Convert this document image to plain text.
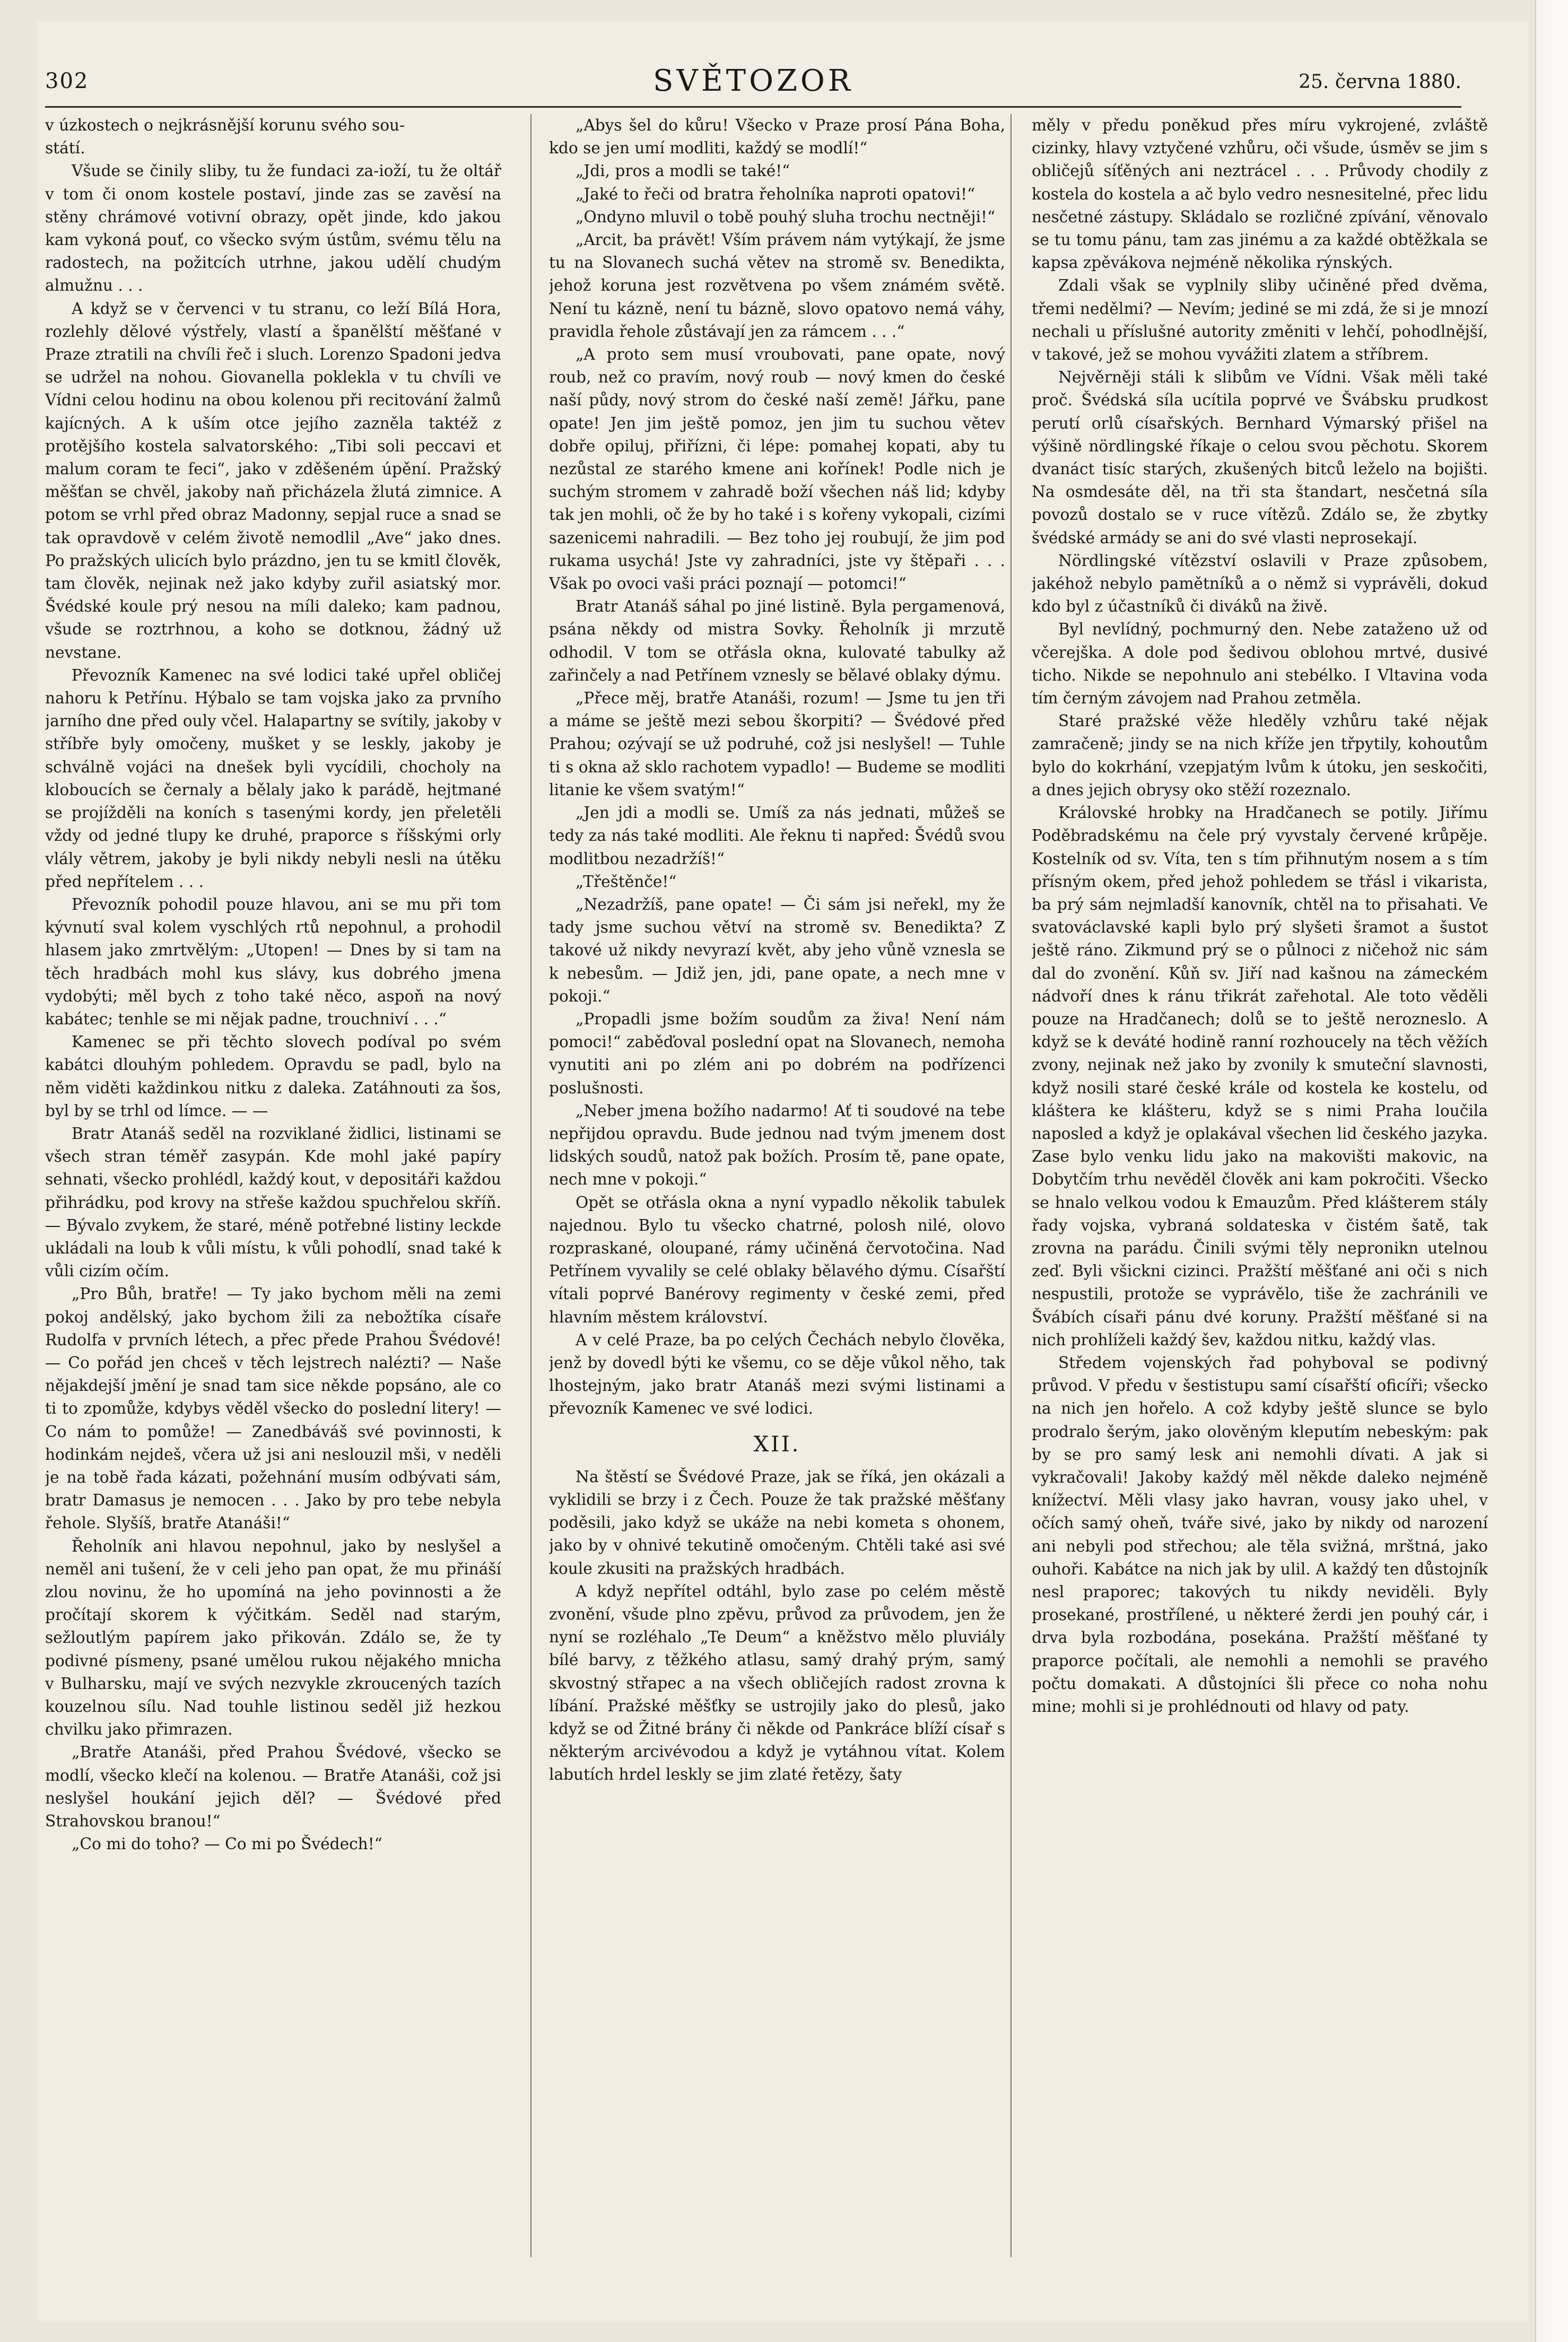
302	SVĚTOZOR	25. června 1880.

v úzkostech o nejkrásnější korunu svého sou-

státí.

Všude se činily sliby, tu že fundaci za-ioží, tu že oltář v tom či onom kostele postaví, jinde zas se zavěsí na stěny chrámové votivní obrazy, opět jinde, kdo jakou kam vykoná pouť, co všecko svým ústům, svému tělu na radostech, na požitcích utrhne, jakou udělí chudým almužnu . . .

A když se v červenci v tu stranu, co leží Bílá Hora, rozlehly dělové výstřely, vlastí a španělští měšťané v Praze ztratili na chvíli řeč i sluch. Lorenzo Spadoni jedva se udržel na nohou. Giovanella pokleklа v tu chvíli ve Vídni celou hodinu na obou kolenou při recitování žalmů kajícných. A k uším otce jejího zaznělа taktéž z protějšího kostela salvatorského: „Tibi soli peccavi et malum coram te feci“, jako v zděšeném úpění. Pražský měšťan se chvěl, jakoby naň přicházela žlutá zimnice. A potom se vrhl před obraz Madonny, sepjal ruce a snad se tak opravdově v celém životě nemodlil „Ave“ jako dnes. Po pražských ulicích bylo prázdno, jen tu se kmitl člověk, tam člověk, nejinak než jako kdyby zuřil asiatský mor. Švédské koule prý nesou na míli daleko; kam padnou, všude se roztrhnou, a koho se dotknou, žádný už nevstane.

Převozník Kamenec na své lodici také upřel obličej nahoru k Petřínu. Hýbalo se tam vojska jako za prvního jarního dne před ouly včel. Halapartny se svítily, jakoby v stříbře byly omočeny, mušket y se leskly, jakoby je schválně vojáci na dnešek byli vycídili, chocholy na kloboucích se černaly a bělaly jako k parádě, hejtmané se projížděli na koních s tasenými kordy, jen přeletěli vždy od jedné tlupy ke druhé, praporce s říšskými orly vlály větrem, jakoby je byli nikdy nebyli nesli na útěku před nepřítelem . . .

Převozník pohodil pouze hlavou, ani se mu při tom kývnutí sval kolem vyschlých rtů nepohnul, a prohodil hlasem jako zmrtvělým: „Utopen! — Dnes by si tam na těch hradbách mohl kus slávy, kus dobrého jmena vydobýti; měl bych z toho také něco, aspoň na nový kabátec; tenhle se mi nějak padne, trouchniví . . .“

Kamenec se při těchto slovech podíval po svém kabátci dlouhým pohledem. Opravdu se padl, bylo na něm viděti každinkou nitku z daleka. Zatáhnouti za šos, byl by se trhl od límce. — —

Bratr Atanáš seděl na rozviklané židlici, listinami se všech stran téměř zasypán. Kde mohl jaké papíry sehnati, všecko prohlédl, každý kout, v depositáři každou přihrádku, pod krovy na střeše každou spuchřelou skříň. — Bývalo zvykem, že staré, méně potřebné listiny leckde ukládali na loub k vůli místu, k vůli pohodlí, snad také k vůli cizím očím.

„Pro Bůh, bratře! — Ty jako bychom měli na zemi pokoj andělský, jako bychom žili za nebožtíka císaře Rudolfa v prvních létech, a přec přede Prahou Švédové! — Co pořád jen chceš v těch lejstrech nalézti? — Naše nějakdejší jmění je snad tam sice někde popsáno, ale co ti to zpomůže, kdybys věděl všecko do poslední litery! — Co nám to pomůže! — Zanedbáváš své povinnosti, k hodinkám nejdeš, včera už jsi ani neslouzil mši, v neděli je na tobě řada kázati, požehnání musím odbývati sám, bratr Damasus je nemocen . . . Jako by pro tebe nebyla řehole. Slyšíš, bratře Atanáši!“

Řeholník ani hlavou nepohnul, jako by neslyšel a neměl ani tušení, že v celi jeho pan opat, že mu přináší zlou novinu, že ho upomíná na jeho povinnosti a že pročítají skorem k výčitkám. Seděl nad starým, sežloutlým papírem jako přikován. Zdálo se, že ty podivné písmeny, psané umělou rukou nějakého mnicha v Bulharsku, mají ve svých nezvyklе zkroucených tazích kouzelnou sílu. Nad touhle listinou seděl již hezkou chvilku jako přimrazen.

„Bratře Atanáši, před Prahou Švédové, všecko se modlí, všecko klečí na kolenou. — Bratře Atanáši, což jsi neslyšel houkání jejich děl? — Švédové před Strahovskou branou!“

„Co mi do toho? — Co mi po Švédech!“

„Abys šel do kůru! Všecko v Praze prosí Pána Boha, kdo se jen umí modliti, každý se modlí!“

„Jdi, pros a modli se také!“

„Jaké to řeči od bratra řeholníka naproti opatovi!“

„Ondyno mluvil o tobě pouhý sluha trochu nectněji!“

„Arcit, ba právět! Vším právem nám vytýkají, že jsme tu na Slovanech suchá větev na stromě sv. Benedikta, jehož koruna jest rozvětvena po všem známém světě. Není tu kázně, není tu bázně, slovo opatovo nemá váhy, pravidla řehole zůstávají jen za rámcem . . .“

„A proto sem musí vroubovati, pane opate, nový roub, než co pravím, nový roub — nový kmen do české naší půdy, nový strom do české naší země! Jářku, pane opate! Jen jim ještě pomoz, jen jim tu suchou větev dobře opiluj, přiřízni, či lépe: pomahej kopati, aby tu nezůstal ze starého kmene ani kořínek! Podle nich je suchým stromem v zahradě boží všechen náš lid; kdyby tak jen mohli, oč že by ho také i s kořeny vykopali, cizími sazenicemi nahradili. — Bez toho jej roubují, že jim pod rukama usychá! Jste vy zahradníci, jste vy štěpaři . . . Však po ovoci vaši práci poznají — potomci!“

Bratr Atanáš sáhal po jiné listině. Byla pergamenová, psána někdy od mistra Sovky. Řeholník ji mrzutě odhodil. V tom se otřásla okna, kulovaté tabulky až zařinčely a nad Petřínem vznesly se bělavé oblaky dýmu.

„Přece měj, bratře Atanáši, rozum! — Jsme tu jen tři a máme se ještě mezi sebou škorpiti? — Švédové před Prahou; ozývají se už podruhé, což jsi neslyšel! — Tuhle ti s okna až sklo rachotem vypadlo! — Budeme se modliti litanie ke všem svatým!“

„Jen jdi a modli se. Umíš za nás jednati, můžeš se tedy za nás také modliti. Ale řeknu ti napřed: Švédů svou modlitbou nezadržíš!“

„Třeštěnče!“

„Nezadržíš, pane opate! — Či sám jsi neřekl, my že tady jsme suchou větví na stromě sv. Benedikta? Z takové už nikdy nevyrazí květ, aby jeho vůně vznesla se k nebesům. — Jdiž jen, jdi, pane opate, a nech mne v pokoji.“

„Propadli jsme božím soudům za živa! Není nám pomoci!“ zaběďoval poslední opat na Slovanech, nemoha vynutiti ani po zlém ani po dobrém na podřízenci poslušnosti.

„Neber jmena božího nadarmo! Ať ti soudové na tebe nepřijdou opravdu. Bude jednou nad tvým jmenem dost lidských soudů, natož pak božích. Prosím tě, pane opate, nech mne v pokoji.“

Opět se otřásla okna a nyní vypadlo několik tabulek najednou. Bylo tu všecko chatrné, polosh nilé, olovo rozpraskané, oloupané, rámy učiněná červotočina. Nad Petřínem vyvalily se celé oblaky bělavého dýmu. Císařští vítali poprvé Banérovy regimenty v české zemi, před hlavním městem království.

A v celé Praze, ba po celých Čechách nebylo člověka, jenž by dovedl býti ke všemu, co se děje vůkol něho, tak lhostejným, jako bratr Atanáš mezi svými listinami a převozník Kamenec ve své lodici.

XII.

Na štěstí se Švédové Praze, jak se říká, jen okázali a vyklidili se brzy i z Čech. Pouze že tak pražské měšťany poděsili, jako když se ukáže na nebi kometa s ohonem, jako by v ohnivé tekutině omočeným. Chtěli také asi své koule zkusiti na pražských hradbách.

A když nepřítel odtáhl, bylo zase po celém městě zvonění, všude plno zpěvu, průvod za průvodem, jen že nyní se rozléhalo „Te Deum“ a kněžstvo mělo pluviály bílé barvy, z těžkého atlasu, samý drahý prým, samý skvostný střapec a na všech obličejích radost zrovna k líbání. Pražské měšťky se ustrojily jako do plesů, jako když se od Žitné brány či někde od Pankráce blíží císař s některým arcivévodou a když je vytáhnou vítat. Kolem labutích hrdel leskly se jim zlaté řetězy, šaty

měly v předu poněkud přes míru vykrojené, zvláště cizinky, hlavy vztyčené vzhůru, oči všude, úsměv se jim s obličejů síťěných ani neztrácel . . . Průvody chodily z kostela do kostela a ač bylo vedro nesnesitelné, přec lidu nesčetné zástupy. Skládalo se rozličné zpívání, věnovalo se tu tomu pánu, tam zas jinému a za každé obtěžkala se kapsa zpěvákova nejméně několika rýnských.

Zdali však se vyplnily sliby učiněné před dvěma, třemi nedělmi? — Nevím; jediné se mi zdá, že si je mnozí nechali u příslušné autority změniti v lehčí, pohodlnější, v takové, jež se mohou vyvážiti zlatem a stříbrem.

Nejvěrněji stáli k slibům ve Vídni. Však měli také proč. Švédská síla ucítila poprvé ve Švábsku prudkost perutí orlů císařských. Bernhard Výmarský přišel na výšině nördlingské říkaje o celou svou pěchotu. Skorem dvanáct tisíc starých, zkušených bitců leželo na bojišti. Na osmdesáte děl, na tři sta štandart, nesčetná síla povozů dostalo se v ruce vítězů. Zdálo se, že zbytky švédské armády se ani do své vlasti neprosekají.

Nördlingské vítězství oslavili v Praze způsobem, jakéhož nebylo pamětníků a o němž si vyprávěli, dokud kdo byl z účastníků či diváků na živě.

Byl nevlídný, pochmurný den. Nebe zataženo už od včerejška. A dole pod šedivou oblohou mrtvé, dusivé ticho. Nikde se nepohnulo ani stebélko. I Vltavina voda tím černým závojem nad Prahou zetměla.

Staré pražské věže hleděly vzhůru také nějak zamračeně; jindy se na nich kříže jen třpytily, kohoutům bylo do kokrhání, vzepjatým lvům k útoku, jen seskočiti, a dnes jejich obrysy oko stěží rozeznalo.

Královské hrobky na Hradčanech se potily. Jiřímu Poděbradskému na čele prý vyvstaly červené krůpěje. Kostelník od sv. Víta, ten s tím přihnutým nosem a s tím přísným okem, před jehož pohledem se třásl i vikaristа, ba prý sám nejmladší kanovník, chtěl na to přisahati. Ve svatováclavské kapli bylo prý slyšeti šramot a šustot ještě ráno. Zikmund prý se o půlnoci z ničehož nic sám dal do zvonění. Kůň sv. Jiří nad kašnou na zámeckém nádvoří dnes k ránu třikrát zařehotal. Ale toto věděli pouze na Hradčanech; dolů se to ještě nerozneslo. A když se k deváté hodině ranní rozhoucely na těch věžích zvony, nejinak než jako by zvonily k smuteční slavnosti, když nosili staré české krále od kostela ke kostelu, od kláštera ke klášteru, když se s nimi Praha loučila naposled a když je oplakával všechen lid českého jazyka. Zase bylo venku lidu jako na makovišti makovic, na Dobytčím trhu nevěděl člověk ani kam pokročiti. Všecko se hnalo velkou vodou k Emauzům. Před klášterem stály řady vojska, vybraná soldateska v čistém šatě, tak zrovna na parádu. Činili svými těly nepronikn utelnou zeď. Byli všickni cizinci. Pražští měšťané ani oči s nich nespustili, protože se vyprávělo, tiše že zachránili ve Švábích císaři pánu dvé koruny. Pražští měšťané si na nich prohlíželi každý šev, každou nitku, každý vlas.

Středem vojenských řad pohyboval se podivný průvod. V předu v šestistupu samí císařští oficíři; všecko na nich jen hořelo. A což kdyby ještě slunce se bylo prodralo šerým, jako olověným kleputím nebeským: pak by se pro samý lesk ani nemohli dívati. A jak si vykračovali! Jakoby každý měl někde daleko nejméně knížectví. Měli vlasy jako havran, vousy jako uhel, v očích samý oheň, tváře sivé, jako by nikdy od narození ani nebyli pod střechou; ale těla svižná, mrštná, jako ouhoři. Kabátce na nich jak by ulil. A každý ten důstojník nesl praporec; takových tu nikdy neviděli. Byly prosekané, prostřílené, u některé žerdi jen pouhý cár, i drva byla rozbodána, posekána. Pražští měšťané ty praporce počítali, ale nemohli a nemohli se pravého počtu domakati. A důstojníci šli přece co noha nohu mine; mohli si je prohlédnouti od hlavy od paty.
